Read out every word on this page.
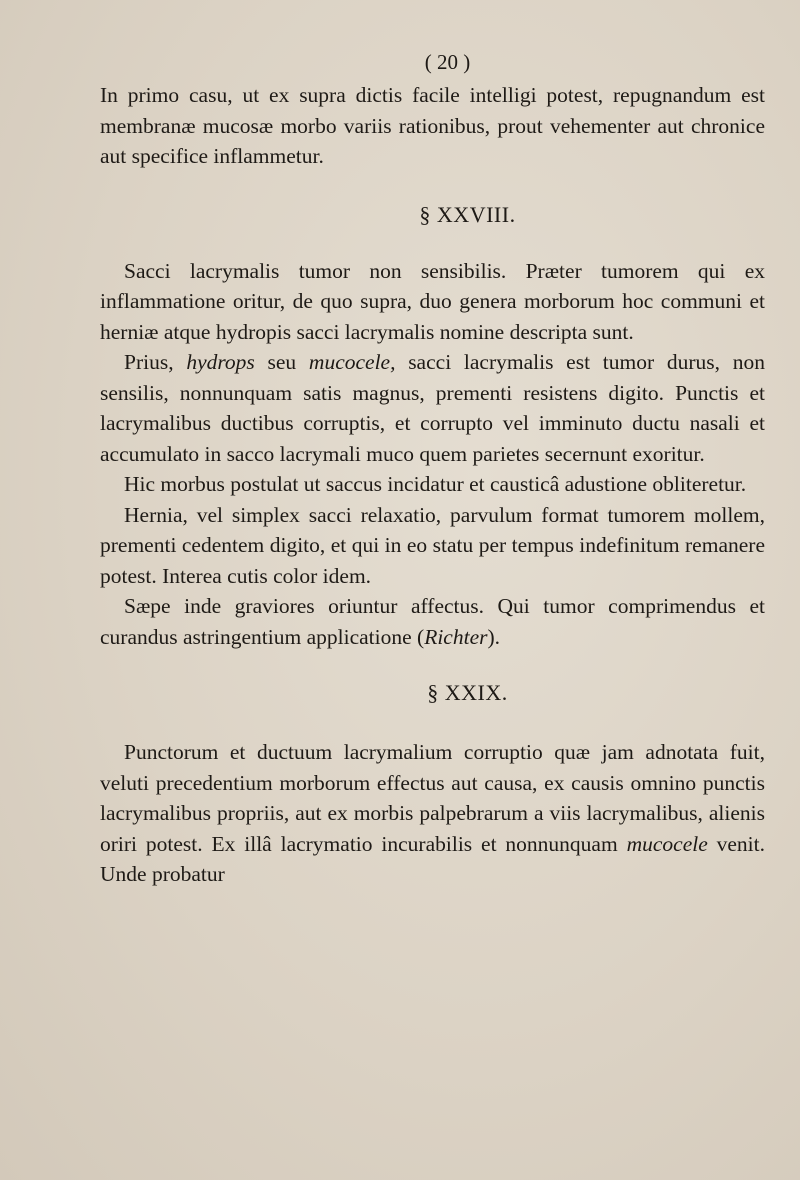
( 20 )

In primo casu, ut ex supra dictis facile intelligi potest, repugnandum est membranæ mucosæ morbo variis rationibus, prout vehementer aut chronice aut specifice inflammetur.

§ XXVIII.

Sacci lacrymalis tumor non sensibilis. Præter tumorem qui ex inflammatione oritur, de quo supra, duo genera morborum hoc communi et herniæ atque hydropis sacci lacrymalis nomine descripta sunt.

Prius, hydrops seu mucocele, sacci lacrymalis est tumor durus, non sensilis, nonnunquam satis magnus, prementi resistens digito. Punctis et lacrymalibus ductibus corruptis, et corrupto vel imminuto ductu nasali et accumulato in sacco lacrymali muco quem parietes secernunt exoritur.

Hic morbus postulat ut saccus incidatur et causticâ adustione obliteretur.

Hernia, vel simplex sacci relaxatio, parvulum format tumorem mollem, prementi cedentem digito, et qui in eo statu per tempus indefinitum remanere potest. Interea cutis color idem.

Sæpe inde graviores oriuntur affectus. Qui tumor comprimendus et curandus astringentium applicatione (Richter).

§ XXIX.

Punctorum et ductuum lacrymalium corruptio quæ jam adnotata fuit, veluti precedentium morborum effectus aut causa, ex causis omnino punctis lacrymalibus propriis, aut ex morbis palpebrarum a viis lacrymalibus, alienis oriri potest. Ex illâ lacrymatio incurabilis et nonnunquam mucocele venit. Unde probatur
